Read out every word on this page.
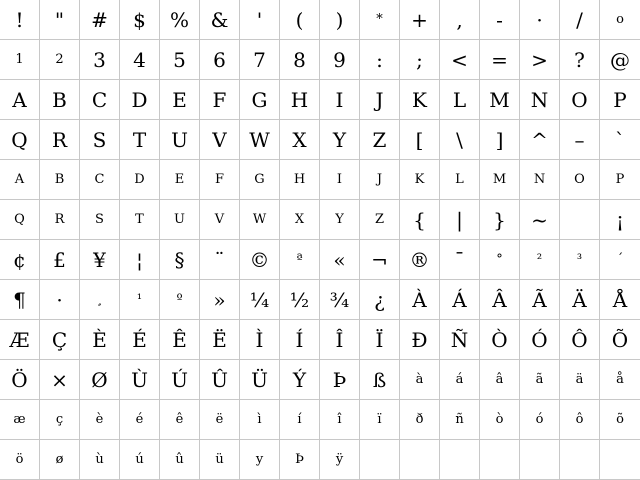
!	"	#	$	%	&	'	(	)	*	+	,	-	·	/	o
1	2	3	4	5	6	7	8	9	:	;	<	=	>	?	@
A	B	C	D	E	F	G	H	I	J	K	L	M	N	O	P
Q	R	S	T	U	V	W	X	Y	Z	[	\	]	^	–	`
A	B	C	D	E	F	G	H	I	J	K	L	M	N	O	P
Q	R	S	T	U	V	W	X	Y	Z	{	|	}	~	¡
¢	£	¥	¦	§	¨	©	ª	«	¬	®	¯	°	²	³	´
¶	·	¸	¹	º	»	¼	½	¾	¿	À	Á	Â	Ã	Ä	Å
Æ	Ç	È	É	Ê	Ë	Ì	Í	Î	Ï	Ð	Ñ	Ò	Ó	Ô	Õ
Ö	×	Ø	Ù	Ú	Û	Ü	Ý	Þ	ß	à	á	â	ã	ä	å
æ	ç	è	é	ê	ë	ì	í	î	ï	ð	ñ	ò	ó	ô	õ
ö	ø	ù	ú	û	ü	y	Þ	ÿ
